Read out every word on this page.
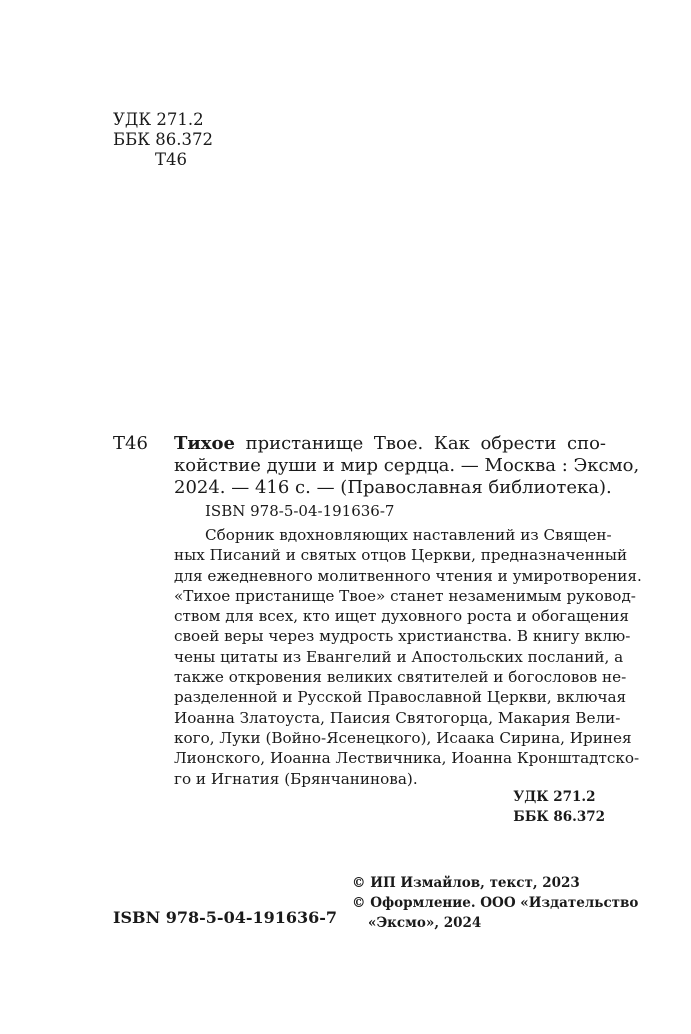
УДК 271.2
ББК 86.372
Т46
Т46 Тихое пристанище Твое. Как обрести спо-
койствие души и мир сердца. — Москва : Эксмо,
2024. — 416 с. — (Православная библиотека).
ISBN 978-5-04-191636-7
Сборник вдохновляющих наставлений из Священ-
ных Писаний и святых отцов Церкви, предназначенный
для ежедневного молитвенного чтения и умиротворения.
«Тихое пристанище Твое» станет незаменимым руковод-
ством для всех, кто ищет духовного роста и обогащения
своей веры через мудрость христианства. В книгу вклю-
чены цитаты из Евангелий и Апостольских посланий, а
также откровения великих святителей и богословов не-
разделенной и Русской Православной Церкви, включая
Иоанна Златоуста, Паисия Святогорца, Макария Вели-
кого, Луки (Войно-Ясенецкого), Исаака Сирина, Иринея
Лионского, Иоанна Лествичника, Иоанна Кронштадтско-
го и Игнатия (Брянчанинова).
УДК 271.2
ББК 86.372
© ИП Измайлов, текст, 2023
© Оформление. ООО «Издательство
«Эксмо», 2024
ISBN 978-5-04-191636-7
